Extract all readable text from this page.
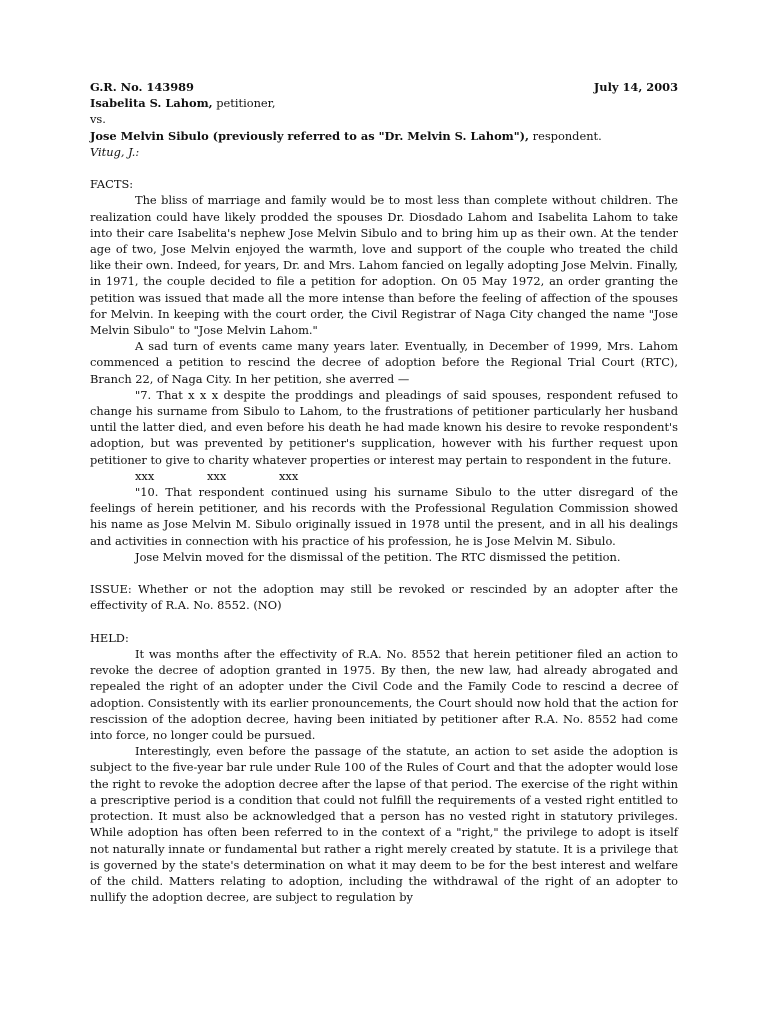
G.R. No. 143989	July 14, 2003
Isabelita S. Lahom, petitioner,
vs.
Jose Melvin Sibulo (previously referred to as "Dr. Melvin S. Lahom"), respondent.
Vitug, J.:
FACTS:

The bliss of marriage and family would be to most less than complete without children. The realization could have likely prodded the spouses Dr. Diosdado Lahom and Isabelita Lahom to take into their care Isabelita's nephew Jose Melvin Sibulo and to bring him up as their own. At the tender age of two, Jose Melvin enjoyed the warmth, love and support of the couple who treated the child like their own. Indeed, for years, Dr. and Mrs. Lahom fancied on legally adopting Jose Melvin. Finally, in 1971, the couple decided to file a petition for adoption. On 05 May 1972, an order granting the petition was issued that made all the more intense than before the feeling of affection of the spouses for Melvin. In keeping with the court order, the Civil Registrar of Naga City changed the name "Jose Melvin Sibulo" to "Jose Melvin Lahom."

A sad turn of events came many years later. Eventually, in December of 1999, Mrs. Lahom commenced a petition to rescind the decree of adoption before the Regional Trial Court (RTC), Branch 22, of Naga City. In her petition, she averred —

"7. That x x x despite the proddings and pleadings of said spouses, respondent refused to change his surname from Sibulo to Lahom, to the frustrations of petitioner particularly her husband until the latter died, and even before his death he had made known his desire to revoke respondent's adoption, but was prevented by petitioner's supplication, however with his further request upon petitioner to give to charity whatever properties or interest may pertain to respondent in the future.

xxx	xxx	xxx

"10. That respondent continued using his surname Sibulo to the utter disregard of the feelings of herein petitioner, and his records with the Professional Regulation Commission showed his name as Jose Melvin M. Sibulo originally issued in 1978 until the present, and in all his dealings and activities in connection with his practice of his profession, he is Jose Melvin M. Sibulo.

Jose Melvin moved for the dismissal of the petition. The RTC dismissed the petition.

ISSUE: Whether or not the adoption may still be revoked or rescinded by an adopter after the effectivity of R.A. No. 8552. (NO)
HELD:

It was months after the effectivity of R.A. No. 8552 that herein petitioner filed an action to revoke the decree of adoption granted in 1975. By then, the new law, had already abrogated and repealed the right of an adopter under the Civil Code and the Family Code to rescind a decree of adoption. Consistently with its earlier pronouncements, the Court should now hold that the action for rescission of the adoption decree, having been initiated by petitioner after R.A. No. 8552 had come into force, no longer could be pursued.

Interestingly, even before the passage of the statute, an action to set aside the adoption is subject to the five-year bar rule under Rule 100 of the Rules of Court and that the adopter would lose the right to revoke the adoption decree after the lapse of that period. The exercise of the right within a prescriptive period is a condition that could not fulfill the requirements of a vested right entitled to protection. It must also be acknowledged that a person has no vested right in statutory privileges. While adoption has often been referred to in the context of a "right," the privilege to adopt is itself not naturally innate or fundamental but rather a right merely created by statute. It is a privilege that is governed by the state's determination on what it may deem to be for the best interest and welfare of the child. Matters relating to adoption, including the withdrawal of the right of an adopter to nullify the adoption decree, are subject to regulation by
